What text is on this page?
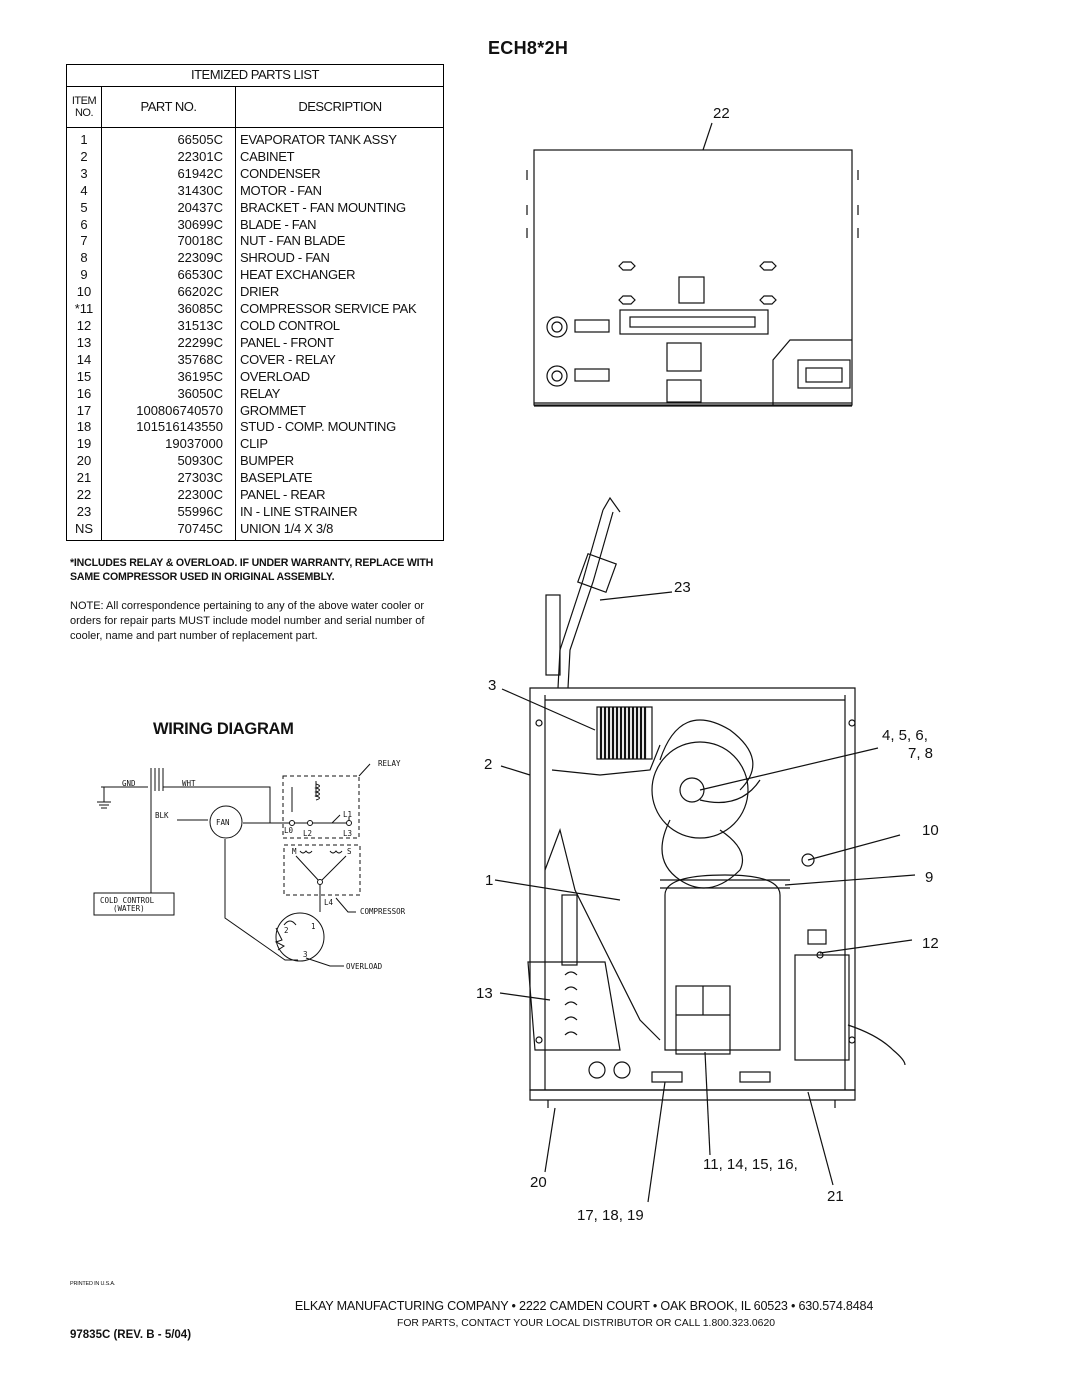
ECH8*2H
ITEMIZED PARTS LIST		
ITEM NO.	PART NO.	DESCRIPTION
1	66505C	EVAPORATOR TANK ASSY
2	22301C	CABINET
3	61942C	CONDENSER
4	31430C	MOTOR - FAN
5	20437C	BRACKET - FAN MOUNTING
6	30699C	BLADE - FAN
7	70018C	NUT - FAN BLADE
8	22309C	SHROUD - FAN
9	66530C	HEAT EXCHANGER
10	66202C	DRIER
*11	36085C	COMPRESSOR SERVICE PAK
12	31513C	COLD CONTROL
13	22299C	PANEL - FRONT
14	35768C	COVER - RELAY
15	36195C	OVERLOAD
16	36050C	RELAY
17	100806740570	GROMMET
18	101516143550	STUD - COMP. MOUNTING
19	19037000	CLIP
20	50930C	BUMPER
21	27303C	BASEPLATE
22	22300C	PANEL - REAR
23	55996C	IN - LINE STRAINER
NS	70745C	UNION 1/4 X 3/8
*INCLUDES RELAY & OVERLOAD. IF UNDER WARRANTY, REPLACE WITH SAME COMPRESSOR USED IN ORIGINAL ASSEMBLY.
NOTE: All correspondence pertaining to any of the above water cooler or orders for repair parts MUST include model number and serial number of cooler, name and part number of replacement part.
WIRING DIAGRAM
GND	WHT
BLK
FAN
RELAY
L1
L0 L2	L3
M	S
L4
COMPRESSOR
OVERLOAD
COLD CONTROL
(WATER)
1
2
3
22
23
3
2
1
13
4, 5, 6,
7, 8
10
9
12
11, 14, 15, 16,
20
21
17, 18, 19
PRINTED IN U.S.A.
ELKAY MANUFACTURING COMPANY • 2222 CAMDEN COURT • OAK BROOK, IL 60523 • 630.574.8484
FOR PARTS, CONTACT YOUR LOCAL DISTRIBUTOR OR CALL 1.800.323.0620
97835C (REV. B - 5/04)
